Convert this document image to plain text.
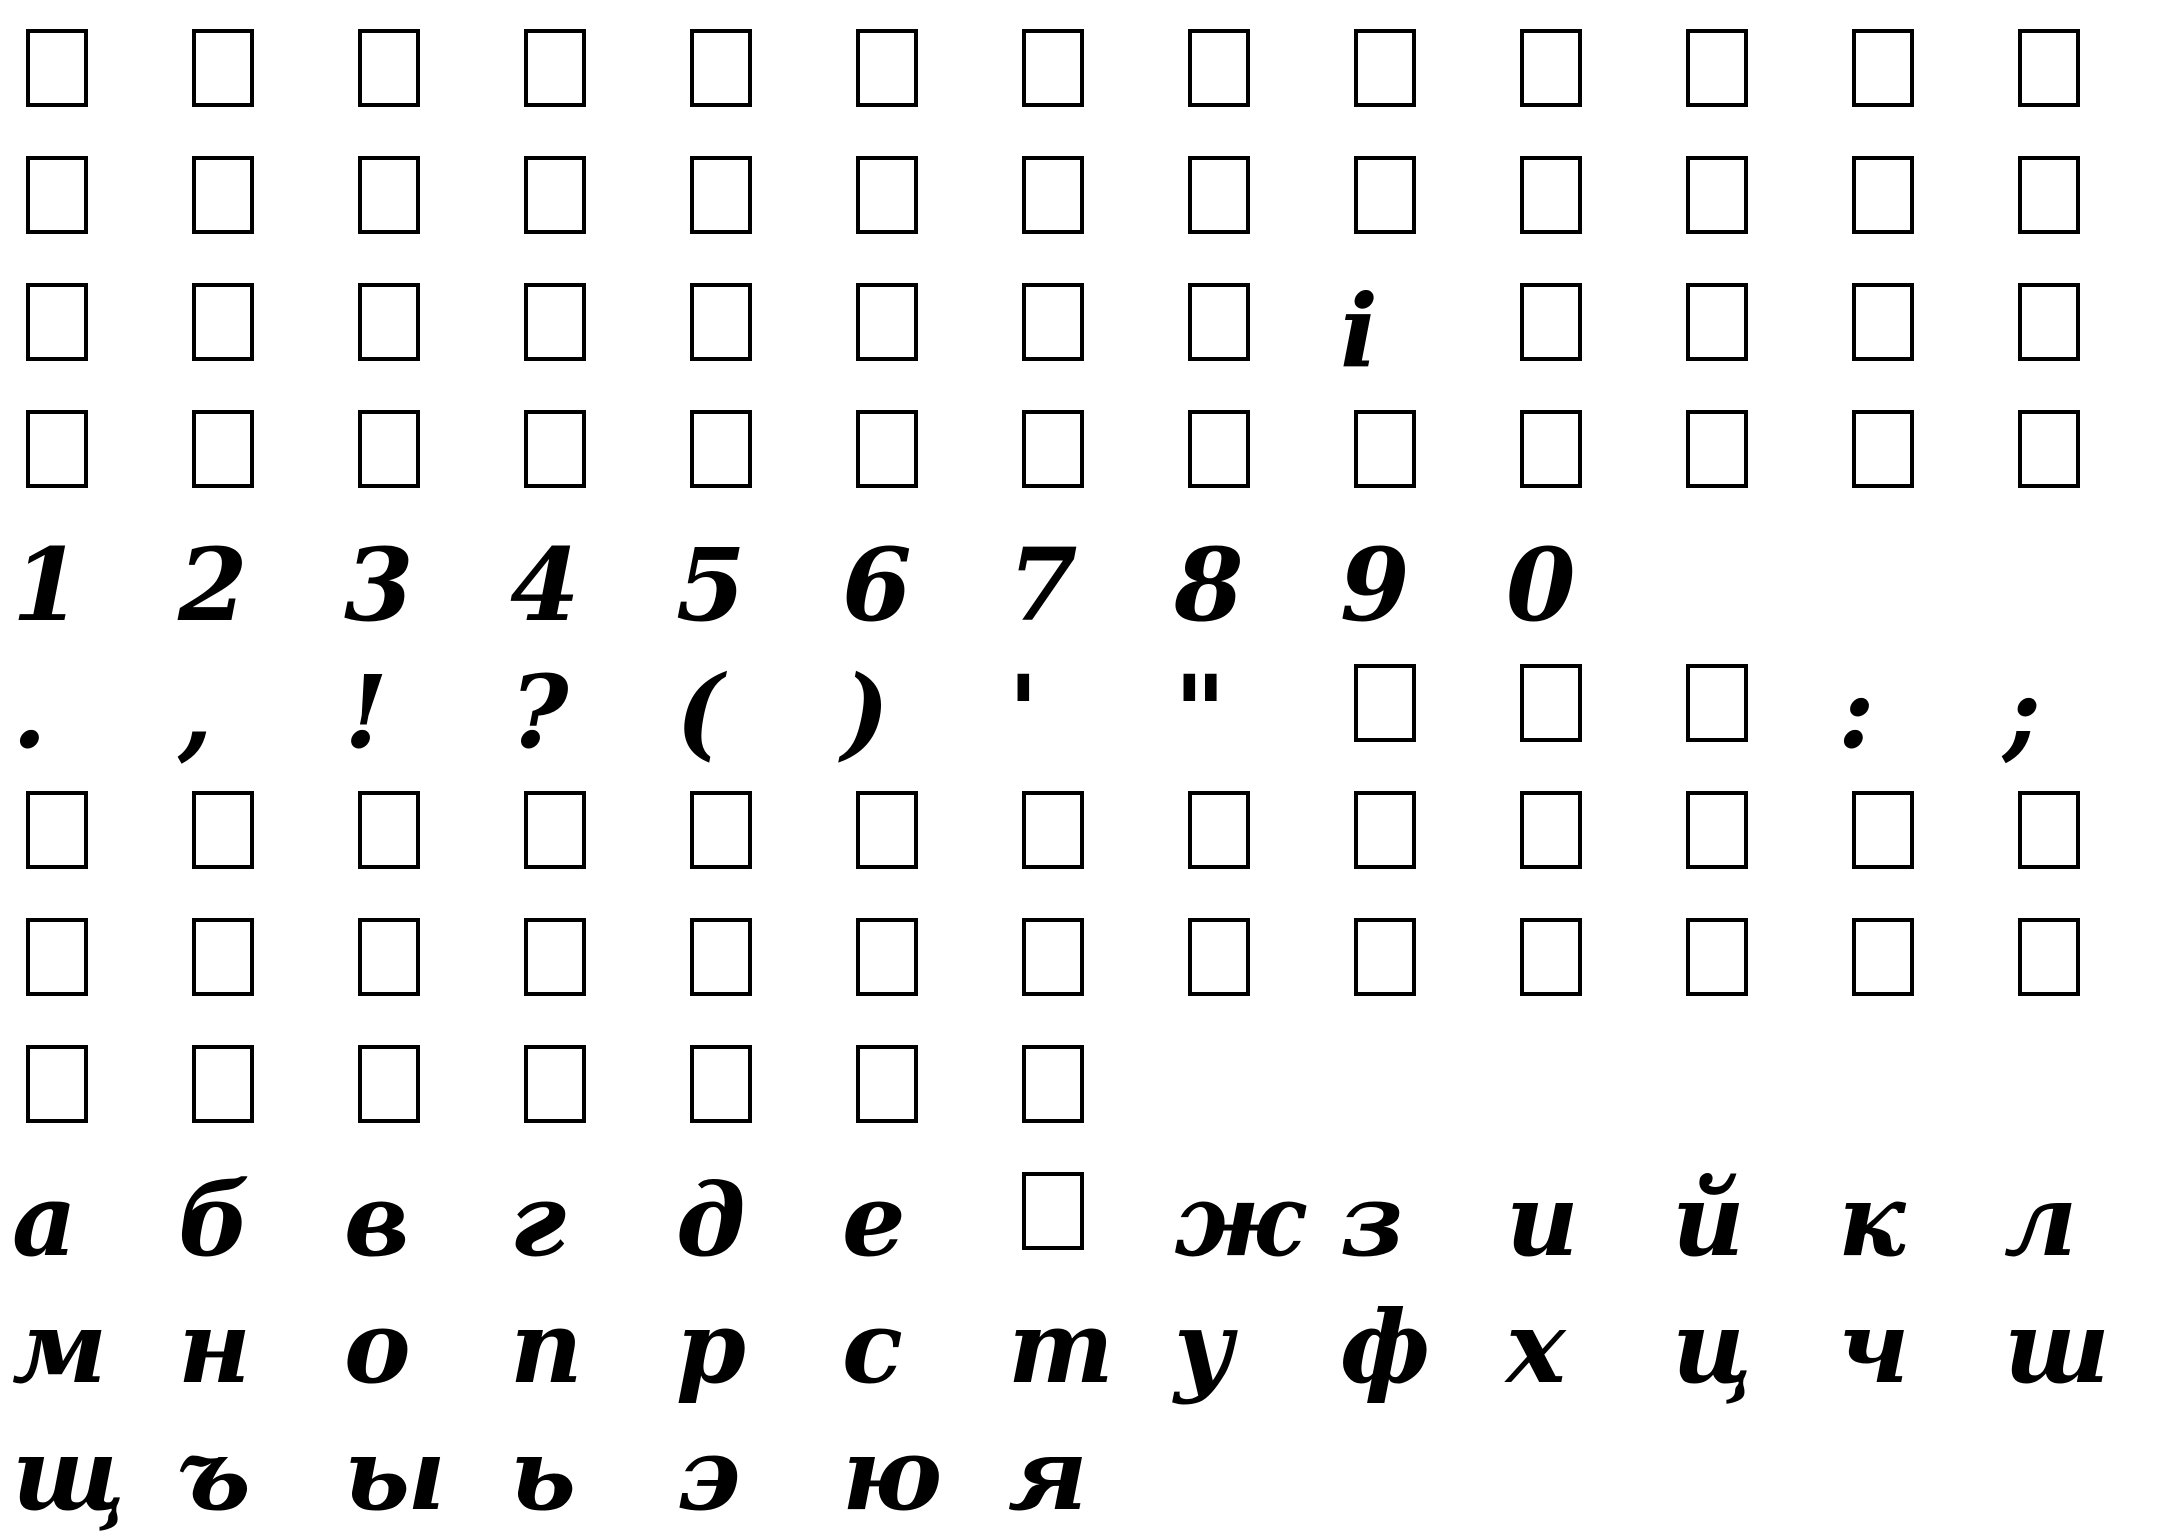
i
1 2 3 4 5 6 7 8 9 0
. , ! ? ( ) ' "	: ;
а б в г д е	ж з и й к л
м н о п р с т у ф х ц ч ш
щ ъ ы ь э ю я
